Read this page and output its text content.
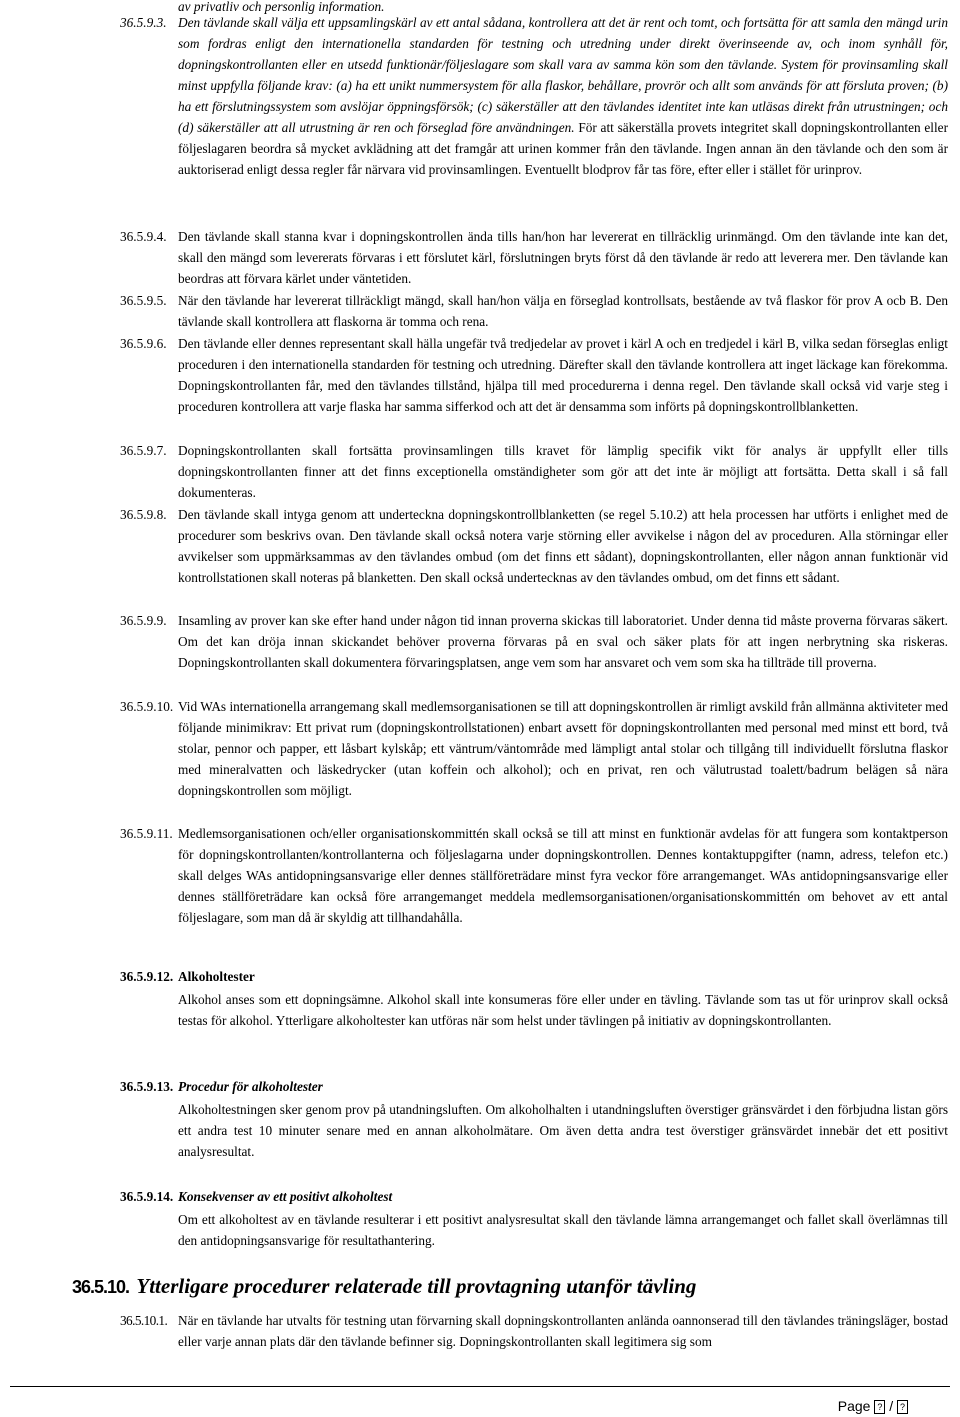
av privatliv och personlig information.
36.5.9.3. Den tävlande skall välja ett uppsamlingskärl av ett antal sådana, kontrollera att det är rent och tomt, och fortsätta för att samla den mängd urin som fordras enligt den internationella standarden för testning och utredning under direkt överinseende av, och inom synhåll för, dopningskontrollanten eller en utsedd funktionär/följeslagare som skall vara av samma kön som den tävlande. System för provinsamling skall minst uppfylla följande krav: (a) ha ett unikt nummersystem för alla flaskor, behållare, provrör och allt som används för att försluta proven; (b) ha ett förslutningssystem som avslöjar öppningsförsök; (c) säkerställer att den tävlandes identitet inte kan utläsas direkt från utrustningen; och (d) säkerställer att all utrustning är ren och förseglad före användningen. För att säkerställa provets integritet skall dopningskontrollanten eller följeslagaren beordra så mycket avklädning att det framgår att urinen kommer från den tävlande. Ingen annan än den tävlande och den som är auktoriserad enligt dessa regler får närvara vid provinsamlingen. Eventuellt blodprov får tas före, efter eller i stället för urinprov.
36.5.9.4. Den tävlande skall stanna kvar i dopningskontrollen ända tills han/hon har levererat en tillräcklig urinmängd. Om den tävlande inte kan det, skall den mängd som levererats förvaras i ett förslutet kärl, förslutningen bryts först då den tävlande är redo att leverera mer. Den tävlande kan beordras att förvara kärlet under väntetiden.
36.5.9.5. När den tävlande har levererat tillräckligt mängd, skall han/hon välja en förseglad kontrollsats, bestående av två flaskor för prov A ocb B. Den tävlande skall kontrollera att flaskorna är tomma och rena.
36.5.9.6. Den tävlande eller dennes representant skall hälla ungefär två tredjedelar av provet i kärl A och en tredjedel i kärl B, vilka sedan förseglas enligt proceduren i den internationella standarden för testning och utredning. Därefter skall den tävlande kontrollera att inget läckage kan förekomma. Dopningskontrollanten får, med den tävlandes tillstånd, hjälpa till med procedurerna i denna regel. Den tävlande skall också vid varje steg i proceduren kontrollera att varje flaska har samma sifferkod och att det är densamma som införts på dopningskontrollblanketten.
36.5.9.7. Dopningskontrollanten skall fortsätta provinsamlingen tills kravet för lämplig specifik vikt för analys är uppfyllt eller tills dopningskontrollanten finner att det finns exceptionella omständigheter som gör att det inte är möjligt att fortsätta. Detta skall i så fall dokumenteras.
36.5.9.8. Den tävlande skall intyga genom att underteckna dopningskontrollblanketten (se regel 5.10.2) att hela processen har utförts i enlighet med de procedurer som beskrivs ovan. Den tävlande skall också notera varje störning eller avvikelse i någon del av proceduren. Alla störningar eller avvikelser som uppmärksammas av den tävlandes ombud (om det finns ett sådant), dopningskontrollanten, eller någon annan funktionär vid kontrollstationen skall noteras på blanketten. Den skall också undertecknas av den tävlandes ombud, om det finns ett sådant.
36.5.9.9. Insamling av prover kan ske efter hand under någon tid innan proverna skickas till laboratoriet. Under denna tid måste proverna förvaras säkert. Om det kan dröja innan skickandet behöver proverna förvaras på en sval och säker plats för att ingen nerbrytning ska riskeras. Dopningskontrollanten skall dokumentera förvaringsplatsen, ange vem som har ansvaret och vem som ska ha tillträde till proverna.
36.5.9.10. Vid WAs internationella arrangemang skall medlemsorganisationen se till att dopningskontrollen är rimligt avskild från allmänna aktiviteter med följande minimikrav: Ett privat rum (dopningskontrollstationen) enbart avsett för dopningskontrollanten med personal med minst ett bord, två stolar, pennor och papper, ett låsbart kylskåp; ett väntrum/väntområde med lämpligt antal stolar och tillgång till individuellt förslutna flaskor med mineralvatten och läskedrycker (utan koffein och alkohol); och en privat, ren och välutrustad toalett/badrum belägen så nära dopningskontrollen som möjligt.
36.5.9.11. Medlemsorganisationen och/eller organisationskommittén skall också se till att minst en funktionär avdelas för att fungera som kontaktperson för dopningskontrollanten/kontrollanterna och följeslagarna under dopningskontrollen. Dennes kontaktuppgifter (namn, adress, telefon etc.) skall delges WAs antidopningsansvarige eller dennes ställföreträdare minst fyra veckor före arrangemanget. WAs antidopningsansvarige eller dennes ställföreträdare kan också före arrangemanget meddela medlemsorganisationen/organisationskommittén om behovet av ett antal följeslagare, som man då är skyldig att tillhandahålla.
36.5.9.12. Alkoholtester
Alkohol anses som ett dopningsämne. Alkohol skall inte konsumeras före eller under en tävling. Tävlande som tas ut för urinprov skall också testas för alkohol. Ytterligare alkoholtester kan utföras när som helst under tävlingen på initiativ av dopningskontrollanten.
36.5.9.13. Procedur för alkoholtester
Alkoholtestningen sker genom prov på utandningsluften. Om alkoholhalten i utandningsluften överstiger gränsvärdet i den förbjudna listan görs ett andra test 10 minuter senare med en annan alkoholmätare. Om även detta andra test överstiger gränsvärdet innebär det ett positivt analysresultat.
36.5.9.14. Konsekvenser av ett positivt alkoholtest
Om ett alkoholtest av en tävlande resulterar i ett positivt analysresultat skall den tävlande lämna arrangemanget och fallet skall överlämnas till den antidopningsansvarige för resultathantering.
36.5.10. Ytterligare procedurer relaterade till provtagning utanför tävling
36.5.10.1. När en tävlande har utvalts för testning utan förvarning skall dopningskontrollanten anlända oannonserad till den tävlandes träningsläger, bostad eller varje annan plats där den tävlande befinner sig. Dopningskontrollanten skall legitimera sig som
Page ? / ?
